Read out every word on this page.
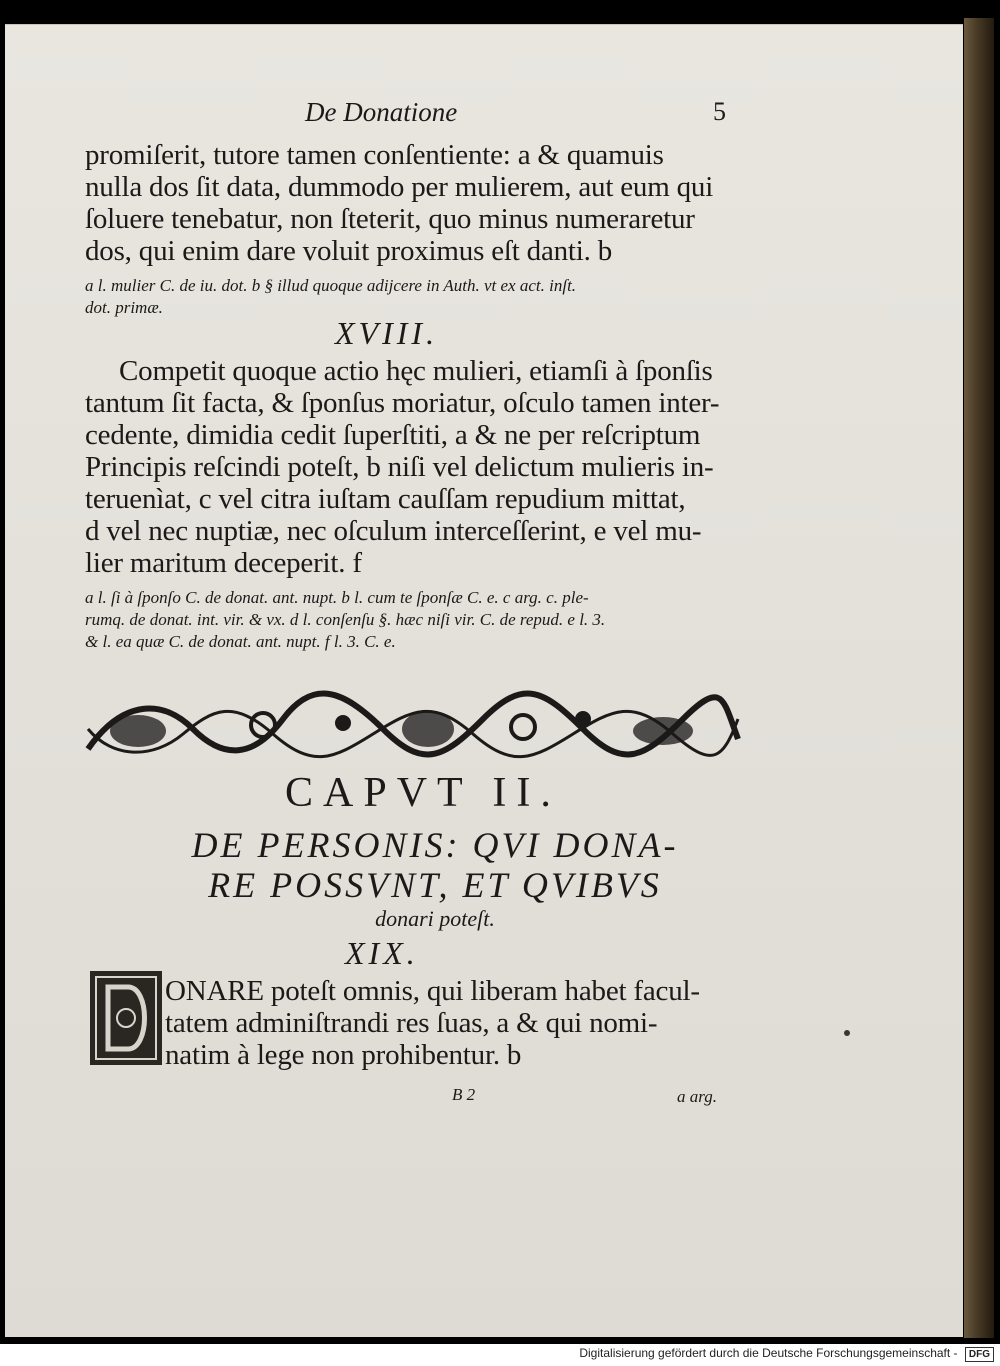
De Donatione	5
promiſerit, tutore tamen conſentiente: a & quamuis
nulla dos ſit data, dummodo per mulierem, aut eum qui
ſoluere tenebatur, non ſteterit, quo minus numeraretur
dos, qui enim dare voluit proximus eſt danti. b
a l. mulier C. de iu. dot. b § illud quoque adijcere in Auth. vt ex act. inſt.
dot. primæ.
XVIII.
Competit quoque actio hęc mulieri, etiamſi à ſponſis
tantum ſit facta, & ſponſus moriatur, oſculo tamen inter-
cedente, dimidia cedit ſuperſtiti, a & ne per reſcriptum
Principis reſcindi poteſt, b niſi vel delictum mulieris in-
teruenìat, c vel citra iuſtam cauſſam repudium mittat,
d vel nec nuptiæ, nec oſculum interceſſerint, e vel mu-
lier maritum deceperit. f
a l. ſi à ſponſo C. de donat. ant. nupt. b l. cum te ſponſæ C. e. c arg. c. ple-
rumq. de donat. int. vir. & vx. d l. conſenſu §. hæc niſi vir. C. de repud. e l. 3.
& l. ea quæ C. de donat. ant. nupt. f l. 3. C. e.
CAPVT II.
DE PERSONIS: QVI DONA-
RE POSSVNT, ET QVIBVS
donari poteſt.
XIX.
ONARE poteſt omnis, qui liberam habet facul-
tatem adminiſtrandi res ſuas, a & qui nomi-
natim à lege non prohibentur. b
B 2	a arg.
Digitalisierung gefördert durch die Deutsche Forschungsgemeinschaft - DFG
